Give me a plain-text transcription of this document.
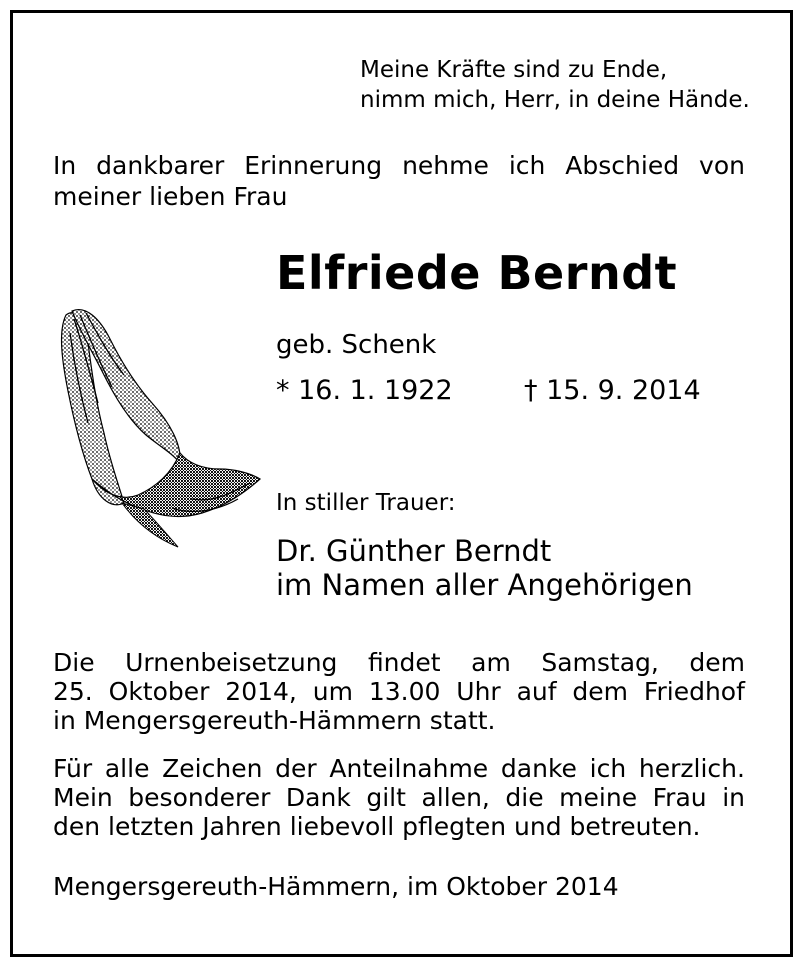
Meine Kräfte sind zu Ende,
nimm mich, Herr, in deine Hände.
In dankbarer Erinnerung nehme ich Abschied von
meiner lieben Frau
Elfriede Berndt
geb. Schenk
* 16. 1. 1922	† 15. 9. 2014
In stiller Trauer:
Dr. Günther Berndt
im Namen aller Angehörigen
Die Urnenbeisetzung findet am Samstag, dem
25. Oktober 2014, um 13.00 Uhr auf dem Friedhof
in Mengersgereuth-Hämmern statt.
Für alle Zeichen der Anteilnahme danke ich herzlich.
Mein besonderer Dank gilt allen, die meine Frau in
den letzten Jahren liebevoll pflegten und betreuten.
Mengersgereuth-Hämmern, im Oktober 2014
